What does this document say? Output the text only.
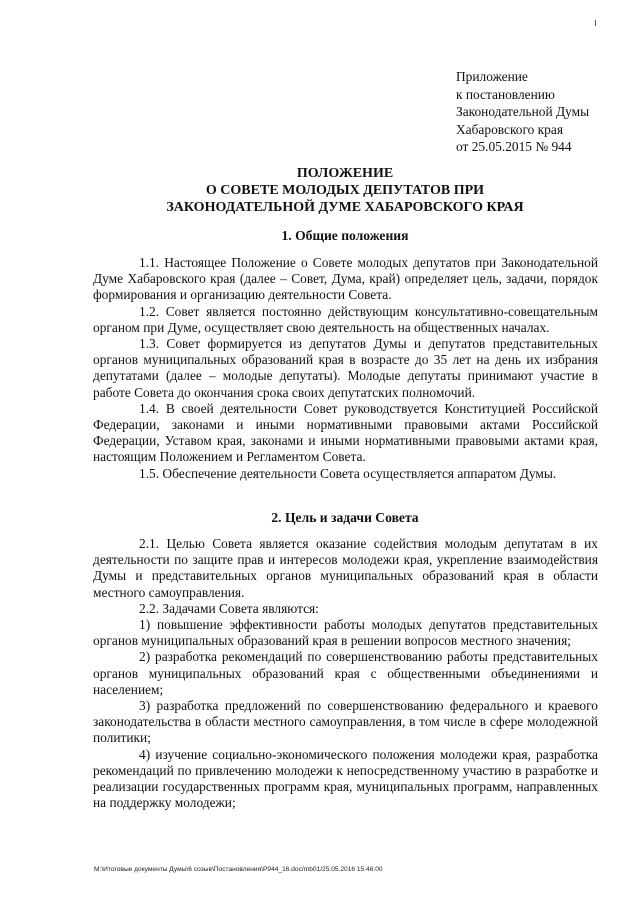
Приложение
к постановлению
Законодательной Думы
Хабаровского края
от 25.05.2015 № 944
ПОЛОЖЕНИЕ
О СОВЕТЕ МОЛОДЫХ ДЕПУТАТОВ ПРИ
ЗАКОНОДАТЕЛЬНОЙ ДУМЕ ХАБАРОВСКОГО КРАЯ
1. Общие положения

1.1. Настоящее Положение о Совете молодых депутатов при Законодательной Думе Хабаровского края (далее – Совет, Дума, край) определяет цель, задачи, порядок формирования и организацию деятельности Совета.

1.2. Совет является постоянно действующим консультативно-совещательным органом при Думе, осуществляет свою деятельность на общественных началах.

1.3. Совет формируется из депутатов Думы и депутатов представительных органов муниципальных образований края в возрасте до 35 лет на день их избрания депутатами (далее – молодые депутаты). Молодые депутаты принимают участие в работе Совета до окончания срока своих депутатских полномочий.

1.4. В своей деятельности Совет руководствуется Конституцией Российской Федерации, законами и иными нормативными правовыми актами Российской Федерации, Уставом края, законами и иными нормативными правовыми актами края, настоящим Положением и Регламентом Совета.

1.5. Обеспечение деятельности Совета осуществляется аппаратом Думы.

2. Цель и задачи Совета

2.1. Целью Совета является оказание содействия молодым депутатам в их деятельности по защите прав и интересов молодежи края, укрепление взаимодействия Думы и представительных органов муниципальных образований края в области местного самоуправления.

2.2. Задачами Совета являются:

1) повышение эффективности работы молодых депутатов представительных органов муниципальных образований края в решении вопросов местного значения;

2) разработка рекомендаций по совершенствованию работы представительных органов муниципальных образований края с общественными объединениями и населением;

3) разработка предложений по совершенствованию федерального и краевого законодательства в области местного самоуправления, в том числе в сфере молодежной политики;

4) изучение социально-экономического положения молодежи края, разработка рекомендаций по привлечению молодежи к непосредственному участию в разработке и реализации государственных программ края, муниципальных программ, направленных на поддержку молодежи;

M:\Итоговые документы Думы\6 созыв\Постановления\P944_16.doc/mb01/25.05.2016 15:46:00
